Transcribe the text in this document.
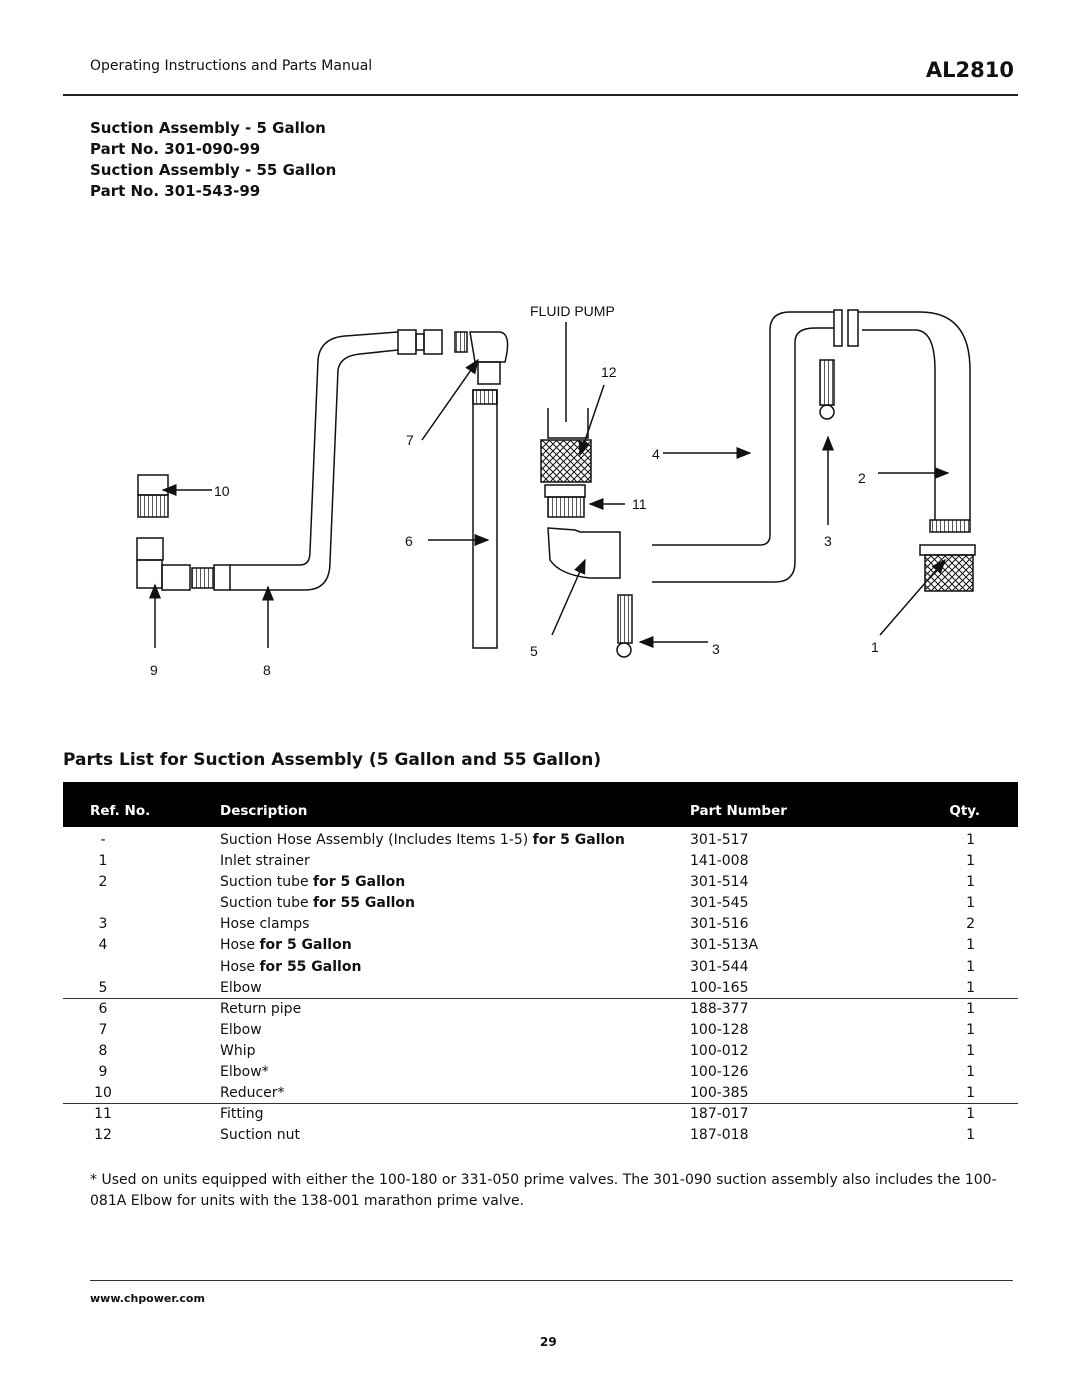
Operating Instructions and Parts Manual	AL2810
Suction Assembly - 5 Gallon
Part No. 301-090-99
Suction Assembly - 55 Gallon
Part No. 301-543-99
FLUID PUMP
12
7
4
2
10
11
6	3
5	3	1
9	8
Parts List for Suction Assembly (5 Gallon and 55 Gallon)
Ref. No.	Description	Part Number	Qty.
-	Suction Hose Assembly (Includes Items 1-5) for 5 Gallon	301-517	1
1	Inlet strainer	141-008	1
2	Suction tube for 5 Gallon	301-514	1
Suction tube for 55 Gallon	301-545	1
3	Hose clamps	301-516	2
4	Hose for 5 Gallon	301-513A	1
Hose for 55 Gallon	301-544	1
5	Elbow	100-165	1
6	Return pipe	188-377	1
7	Elbow	100-128	1
8	Whip	100-012	1
9	Elbow*	100-126	1
10	Reducer*	100-385	1
11	Fitting	187-017	1
12	Suction nut	187-018	1
* Used on units equipped with either the 100-180 or 331-050 prime valves. The 301-090 suction assembly also includes the 100-081A Elbow for units with the 138-001 marathon prime valve.
www.chpower.com
29
